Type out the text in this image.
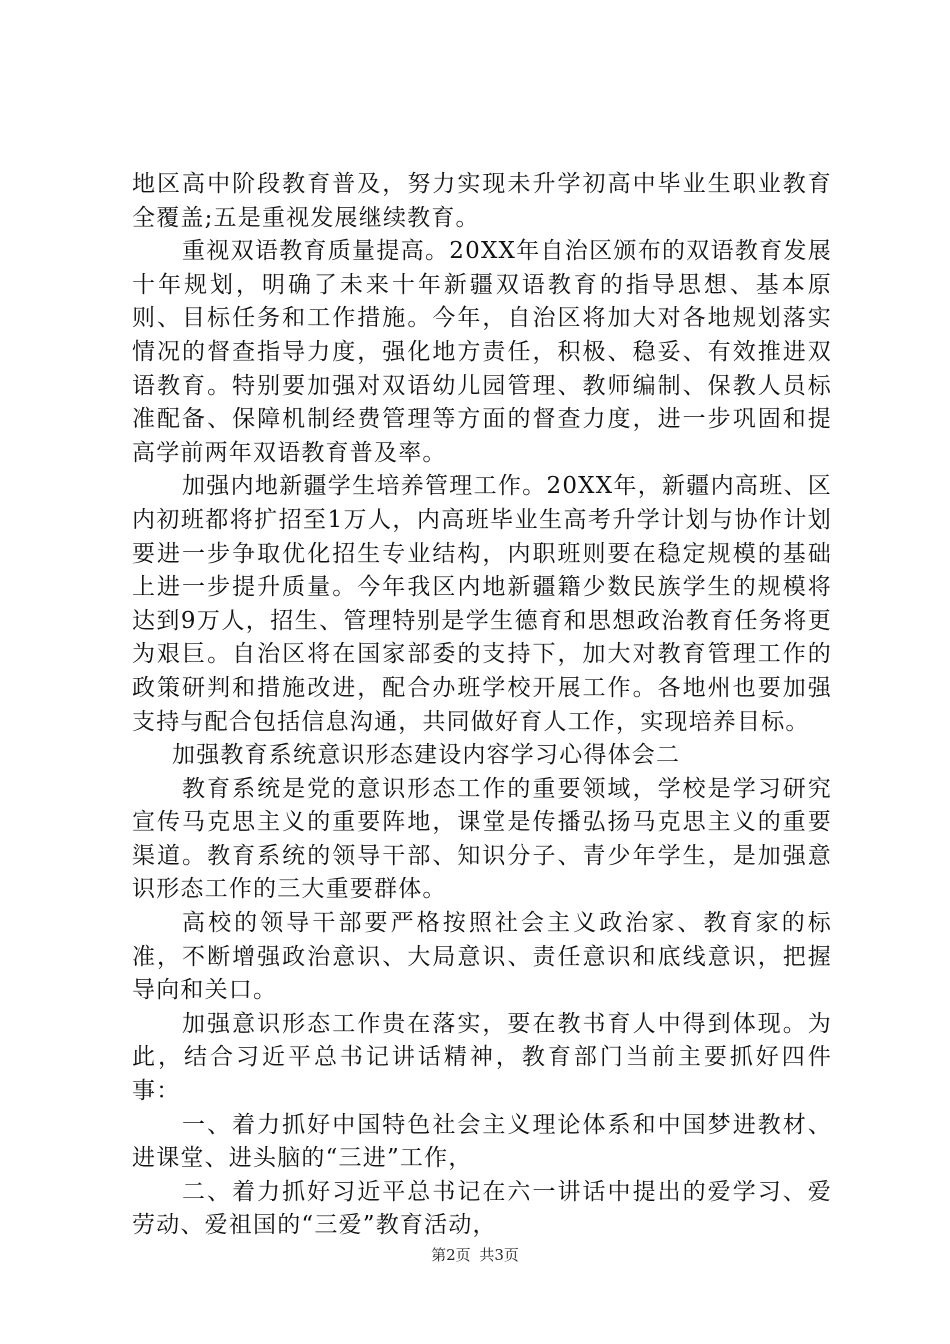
地区高中阶段教育普及，努力实现未升学初高中毕业生职业教育全覆盖;五是重视发展继续教育。

重视双语教育质量提高。20XX年自治区颁布的双语教育发展十年规划，明确了未来十年新疆双语教育的指导思想、基本原则、目标任务和工作措施。今年，自治区将加大对各地规划落实情况的督查指导力度，强化地方责任，积极、稳妥、有效推进双语教育。特别要加强对双语幼儿园管理、教师编制、保教人员标准配备、保障机制经费管理等方面的督查力度，进一步巩固和提高学前两年双语教育普及率。

加强内地新疆学生培养管理工作。20XX年，新疆内高班、区内初班都将扩招至1万人，内高班毕业生高考升学计划与协作计划要进一步争取优化招生专业结构，内职班则要在稳定规模的基础上进一步提升质量。今年我区内地新疆籍少数民族学生的规模将达到9万人，招生、管理特别是学生德育和思想政治教育任务将更为艰巨。自治区将在国家部委的支持下，加大对教育管理工作的政策研判和措施改进，配合办班学校开展工作。各地州也要加强支持与配合包括信息沟通，共同做好育人工作，实现培养目标。

加强教育系统意识形态建设内容学习心得体会二

教育系统是党的意识形态工作的重要领域，学校是学习研究宣传马克思主义的重要阵地，课堂是传播弘扬马克思主义的重要渠道。教育系统的领导干部、知识分子、青少年学生，是加强意识形态工作的三大重要群体。

高校的领导干部要严格按照社会主义政治家、教育家的标准，不断增强政治意识、大局意识、责任意识和底线意识，把握导向和关口。

加强意识形态工作贵在落实，要在教书育人中得到体现。为此，结合习近平总书记讲话精神，教育部门当前主要抓好四件事：

一、着力抓好中国特色社会主义理论体系和中国梦进教材、进课堂、进头脑的“三进”工作，

二、着力抓好习近平总书记在六一讲话中提出的爱学习、爱劳动、爱祖国的“三爱”教育活动，

第2页 共3页
